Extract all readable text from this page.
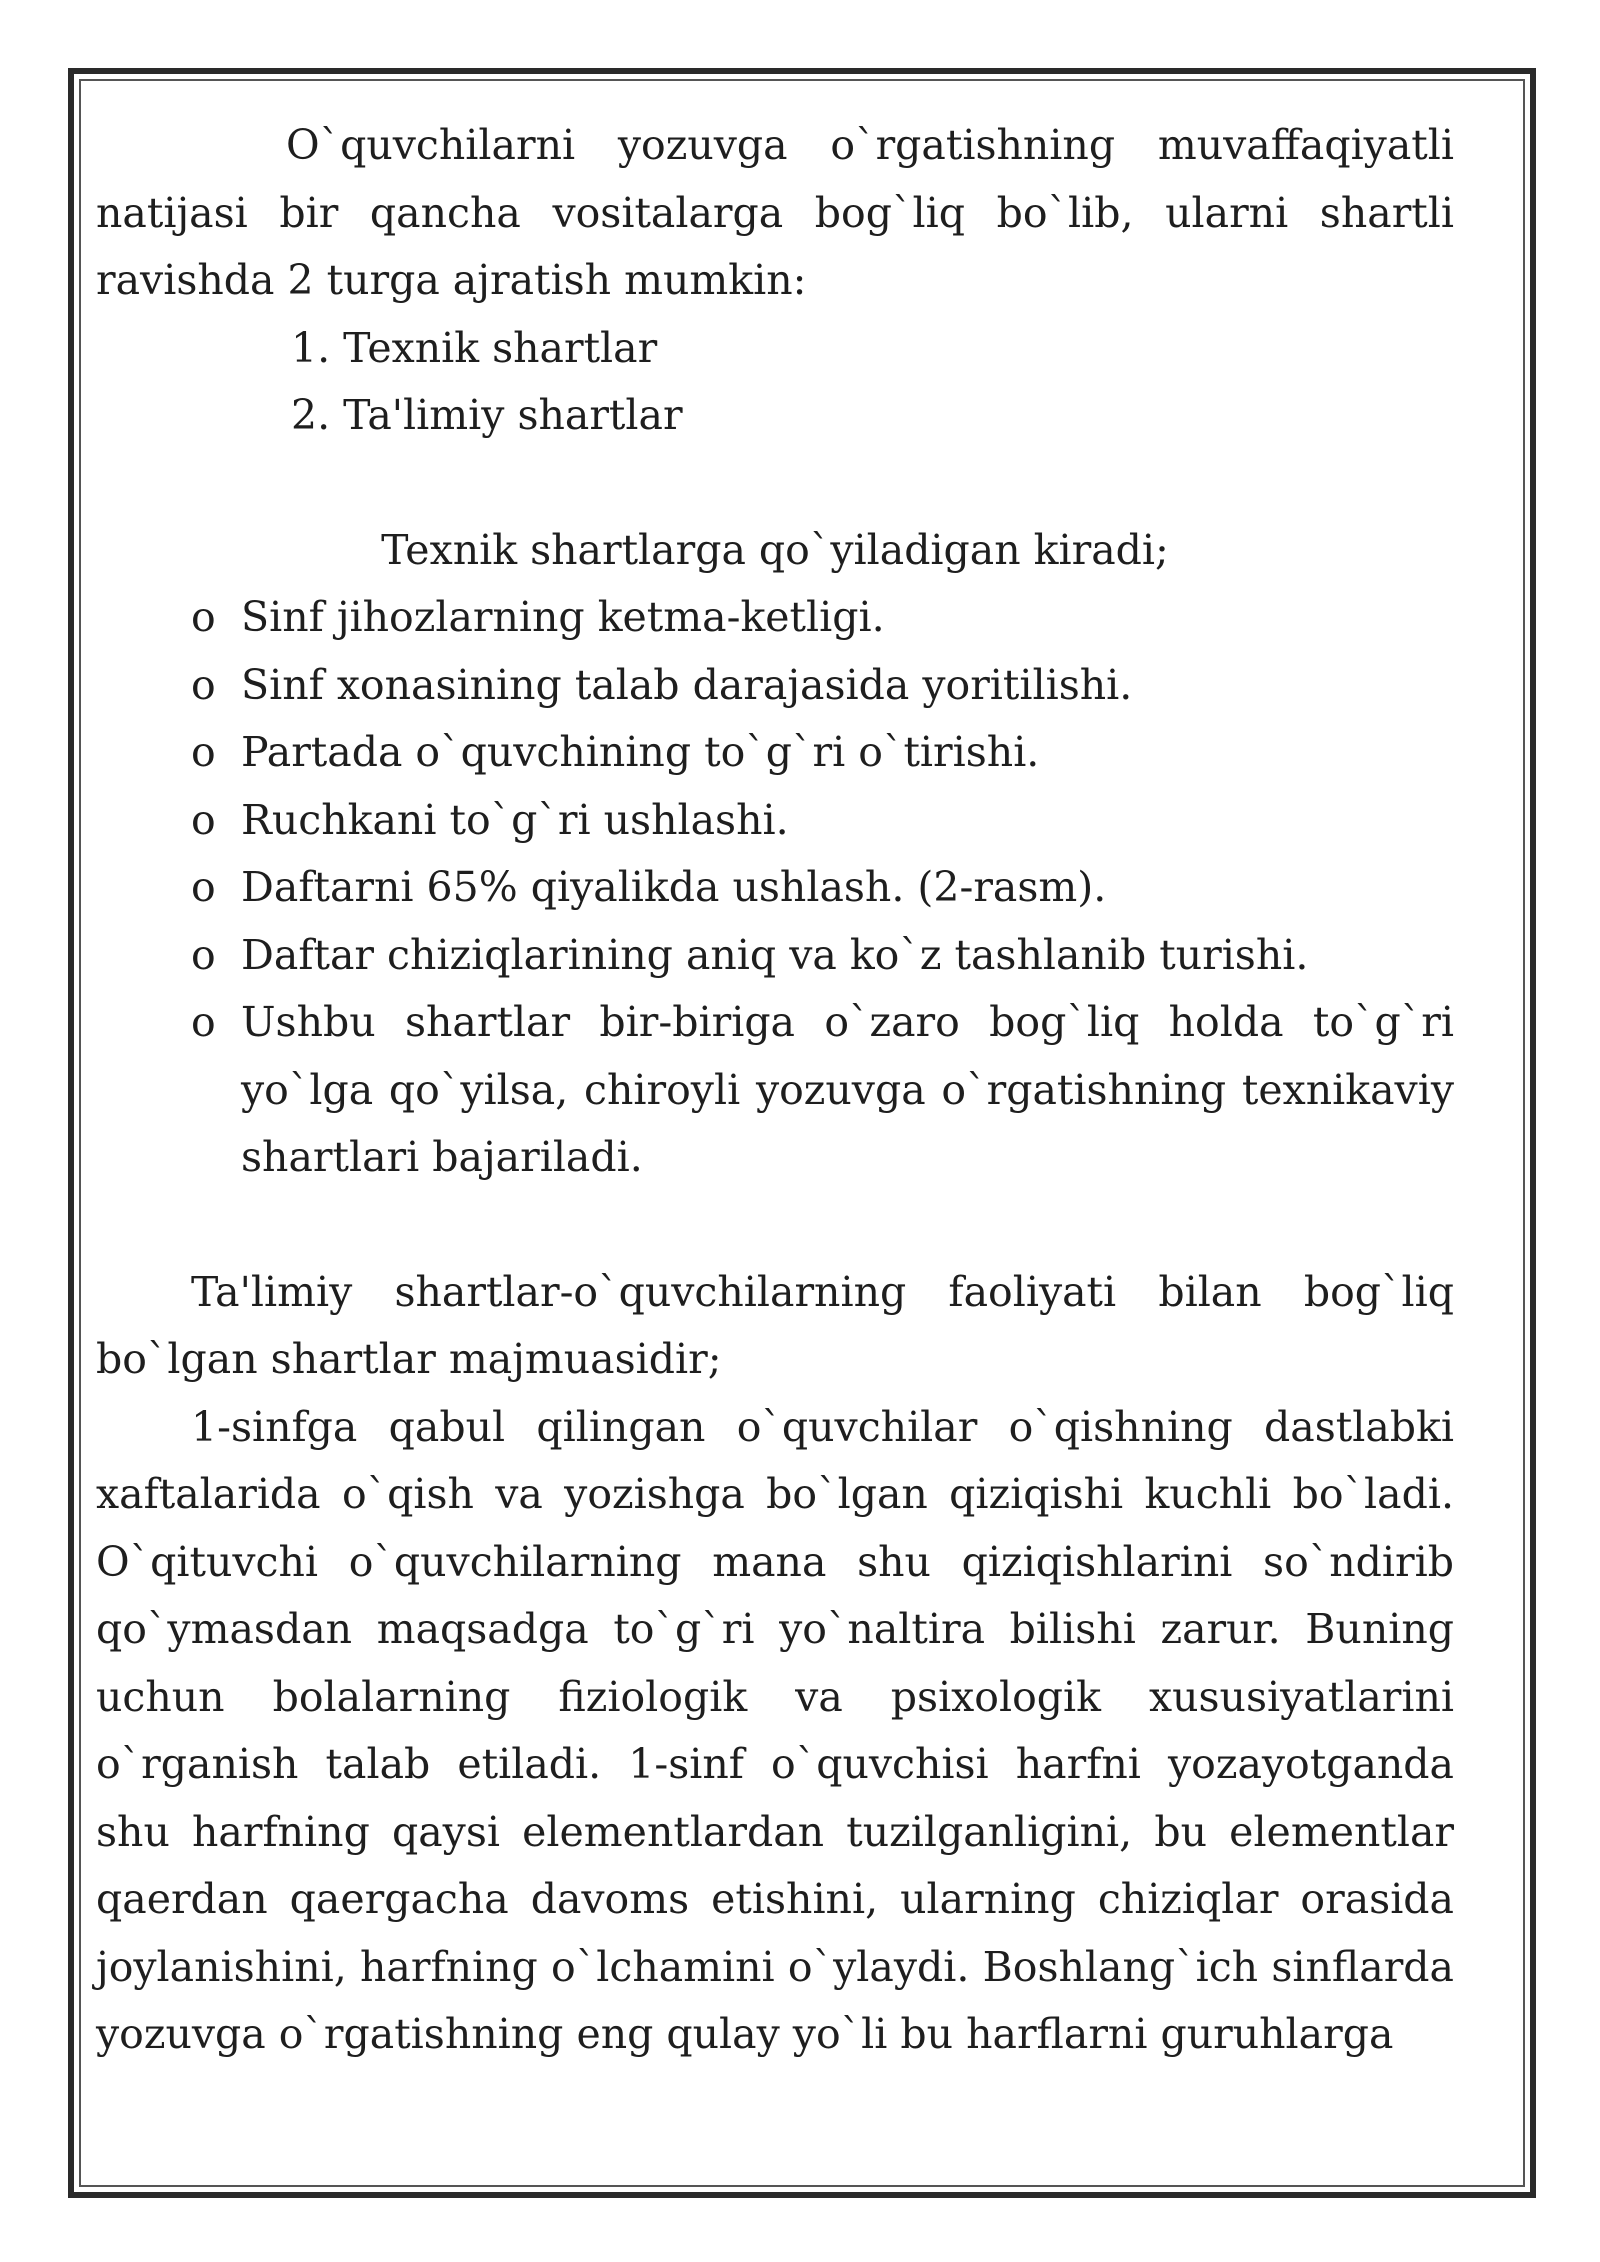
O`quvchilarni yozuvga o`rgatishning muvaffaqiyatli natijasi bir qancha vositalarga bog`liq bo`lib, ularni shartli ravishda 2 turga ajratish mumkin:

1. Texnik shartlar
2. Ta'limiy shartlar

Texnik shartlarga qo`yiladigan kiradi;

o Sinf jihozlarning ketma-ketligi.
o Sinf xonasining talab darajasida yoritilishi.
o Partada o`quvchining to`g`ri o`tirishi.
o Ruchkani to`g`ri ushlashi.
o Daftarni 65% qiyalikda ushlash. (2-rasm).
o Daftar chiziqlarining aniq va ko`z tashlanib turishi.
o Ushbu shartlar bir-biriga o`zaro bog`liq holda to`g`ri yo`lga qo`yilsa, chiroyli yozuvga o`rgatishning texnikaviy shartlari bajariladi.

Ta'limiy shartlar-o`quvchilarning faoliyati bilan bog`liq bo`lgan shartlar majmuasidir;

1-sinfga qabul qilingan o`quvchilar o`qishning dastlabki xaftalarida o`qish va yozishga bo`lgan qiziqishi kuchli bo`ladi. O`qituvchi o`quvchilarning mana shu qiziqishlarini so`ndirib qo`ymasdan maqsadga to`g`ri yo`naltira bilishi zarur. Buning uchun bolalarning fiziologik va psixologik xususiyatlarini o`rganish talab etiladi. 1-sinf o`quvchisi harfni yozayotganda shu harfning qaysi elementlardan tuzilganligini, bu elementlar qaerdan qaergacha davoms etishini, ularning chiziqlar orasida joylanishini, harfning o`lchamini o`ylaydi. Boshlang`ich sinflarda yozuvga o`rgatishning eng qulay yo`li bu harflarni guruhlarga
